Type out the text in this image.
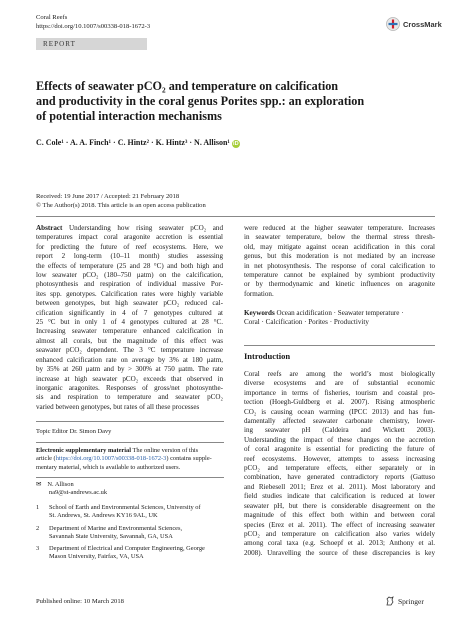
Coral Reefs
https://doi.org/10.1007/s00338-018-1672-3	CrossMark
REPORT
Effects of seawater pCO₂ and temperature on calcification
and productivity in the coral genus Porites spp.: an exploration
of potential interaction mechanisms
C. Cole¹ · A. A. Finch¹ · C. Hintz² · K. Hintz³ · N. Allison¹ iD
Received: 19 June 2017 / Accepted: 21 February 2018
© The Author(s) 2018. This article is an open access publication
Abstract Understanding how rising seawater pCO₂ and
temperatures impact coral aragonite accretion is essential
for predicting the future of reef ecosystems. Here, we
report 2 long-term (10–11 month) studies assessing
the effects of temperature (25 and 28 °C) and both high and
low seawater pCO₂ (180–750 μatm) on the calcification,
photosynthesis and respiration of individual massive Por-
ites spp. genotypes. Calcification rates were highly variable
between genotypes, but high seawater pCO₂ reduced cal-
cification significantly in 4 of 7 genotypes cultured at
25 °C but in only 1 of 4 genotypes cultured at 28 °C.
Increasing seawater temperature enhanced calcification in
almost all corals, but the magnitude of this effect was
seawater pCO₂ dependent. The 3 °C temperature increase
enhanced calcification rate on average by 3% at 180 μatm,
by 35% at 260 μatm and by > 300% at 750 μatm. The rate
increase at high seawater pCO₂ exceeds that observed in
inorganic aragonites. Responses of gross/net photosynthe-
sis and respiration to temperature and seawater pCO₂
varied between genotypes, but rates of all these processes
Topic Editor Dr. Simon Davy
Electronic supplementary material The online version of this
article (https://doi.org/10.1007/s00338-018-1672-3) contains supple-
mentary material, which is available to authorized users.
✉ N. Allison
na9@st-andrews.ac.uk
1	School of Earth and Environmental Sciences, University of
St. Andrews, St. Andrews KY16 9AL, UK
2	Department of Marine and Environmental Sciences,
Savannah State University, Savannah, GA, USA
3	Department of Electrical and Computer Engineering, George
Mason University, Fairfax, VA, USA
were reduced at the higher seawater temperature. Increases
in seawater temperature, below the thermal stress thresh-
old, may mitigate against ocean acidification in this coral
genus, but this moderation is not mediated by an increase
in net photosynthesis. The response of coral calcification to
temperature cannot be explained by symbiont productivity
or by thermodynamic and kinetic influences on aragonite
formation.
Keywords Ocean acidification · Seawater temperature ·
Coral · Calcification · Porites · Productivity
Introduction
Coral reefs are among the world’s most biologically
diverse ecosystems and are of substantial economic
importance in terms of fisheries, tourism and coastal pro-
tection (Hoegh-Guldberg et al. 2007). Rising atmospheric
CO₂ is causing ocean warming (IPCC 2013) and has fun-
damentally affected seawater carbonate chemistry, lower-
ing seawater pH (Caldeira and Wickett 2003).
Understanding the impact of these changes on the accretion
of coral aragonite is essential for predicting the future of
reef ecosystems. However, attempts to assess increasing
pCO₂ and temperature effects, either separately or in
combination, have generated contradictory reports (Gattuso
and Riebesell 2011; Erez et al. 2011). Most laboratory and
field studies indicate that calcification is reduced at lower
seawater pH, but there is considerable disagreement on the
magnitude of this effect both within and between coral
species (Erez et al. 2011). The effect of increasing seawater
pCO₂ and temperature on calcification also varies widely
among coral taxa (e.g. Schoepf et al. 2013; Anthony et al.
2008). Unravelling the source of these discrepancies is key
Published online: 10 March 2018	Springer
